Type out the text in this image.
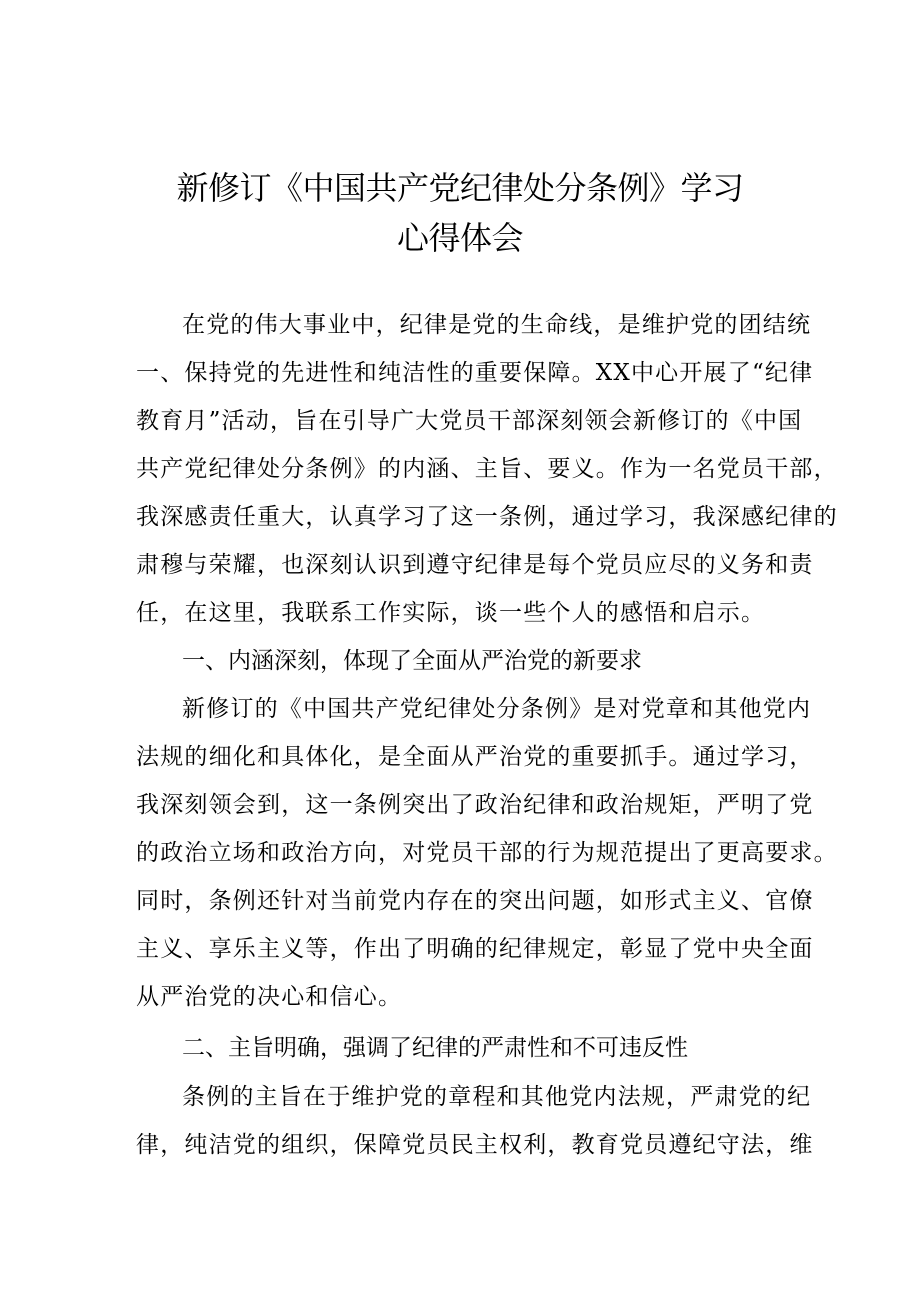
新修订《中国共产党纪律处分条例》学习
心得体会
在党的伟大事业中，纪律是党的生命线，是维护党的团结统
一、保持党的先进性和纯洁性的重要保障。XX中心开展了“纪律
教育月”活动，旨在引导广大党员干部深刻领会新修订的《中国
共产党纪律处分条例》的内涵、主旨、要义。作为一名党员干部，
我深感责任重大，认真学习了这一条例，通过学习，我深感纪律的
肃穆与荣耀，也深刻认识到遵守纪律是每个党员应尽的义务和责
任，在这里，我联系工作实际，谈一些个人的感悟和启示。
一、内涵深刻，体现了全面从严治党的新要求
新修订的《中国共产党纪律处分条例》是对党章和其他党内
法规的细化和具体化，是全面从严治党的重要抓手。通过学习，
我深刻领会到，这一条例突出了政治纪律和政治规矩，严明了党
的政治立场和政治方向，对党员干部的行为规范提出了更高要求。
同时，条例还针对当前党内存在的突出问题，如形式主义、官僚
主义、享乐主义等，作出了明确的纪律规定，彰显了党中央全面
从严治党的决心和信心。
二、主旨明确，强调了纪律的严肃性和不可违反性
条例的主旨在于维护党的章程和其他党内法规，严肃党的纪
律，纯洁党的组织，保障党员民主权利，教育党员遵纪守法，维
